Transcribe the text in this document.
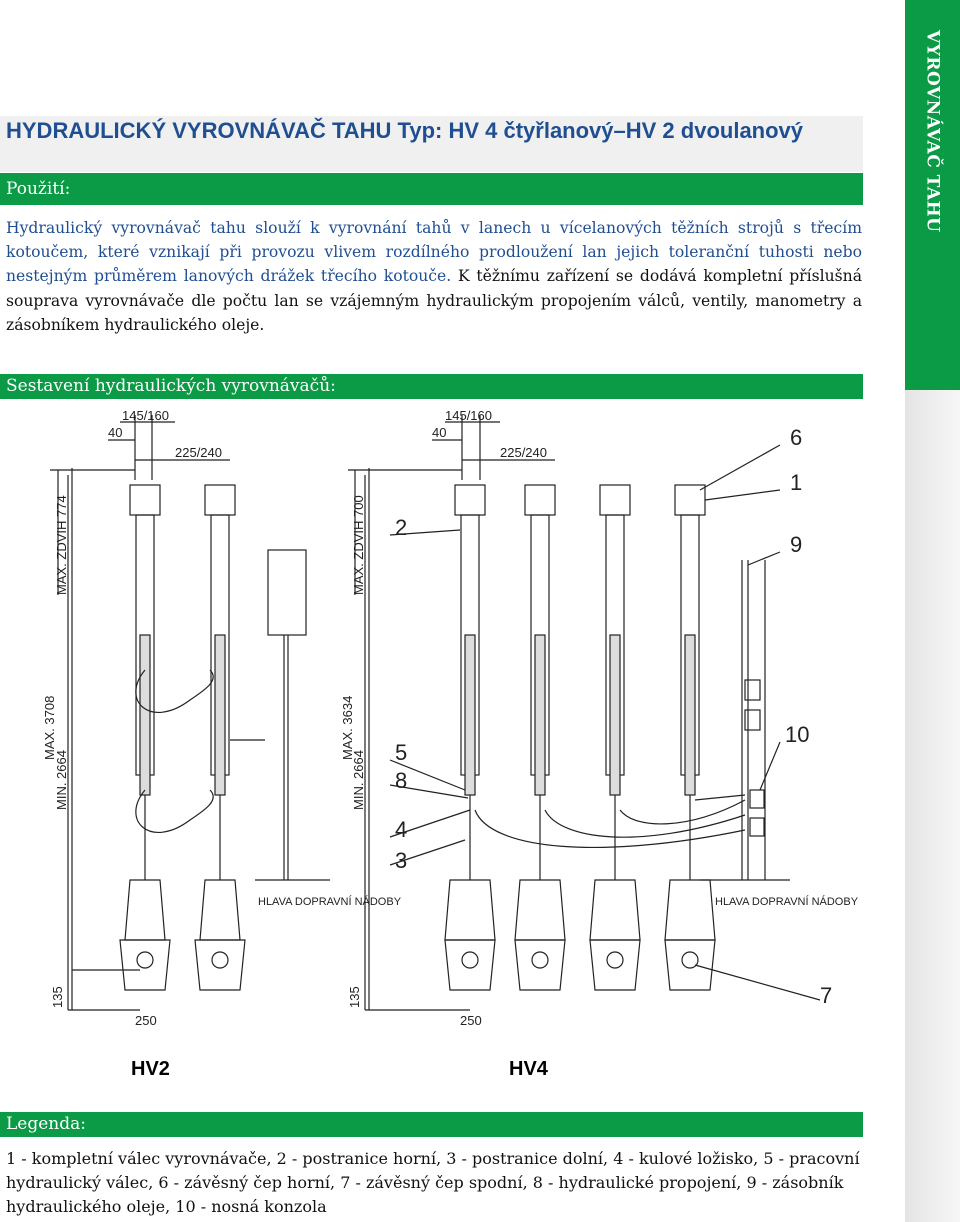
VYROVNÁVAČ TAHU
HYDRAULICKÝ VYROVNÁVAČ TAHU Typ: HV 4 čtyřlanový–HV 2 dvoulanový
Použití:
Hydraulický vyrovnávač tahu slouží k vyrovnání tahů v lanech u vícelanových těžních strojů s třecím kotoučem, které vznikají při provozu vlivem rozdílného prodloužení lan jejich toleranční tuhosti nebo nestejným průměrem lanových drážek třecího kotouče. K těžnímu zařízení se dodává kompletní příslušná souprava vyrovnávače dle počtu lan se vzájemným hydraulickým propojením válců, ventily, manometry a zásobníkem hydraulického oleje.
Sestavení hydraulických vyrovnávačů:
145/160
40
225/240
145/160
40
225/240
MAX. ZDVIH 774
MAX. 3708
MIN. 2664
135
250
MAX. ZDVIH 700
MAX. 3634
MIN. 2664
135
250
HLAVA DOPRAVNÍ NÁDOBY	HLAVA DOPRAVNÍ NÁDOBY
6
1
9
2
5
8
4
3
10
7
HV2	HV4
Legenda:
1 - kompletní válec vyrovnávače, 2 - postranice horní, 3 - postranice dolní, 4 - kulové ložisko, 5 - pracovní hydraulický válec, 6 - závěsný čep horní, 7 - závěsný čep spodní, 8 - hydraulické propojení, 9 - zásobník hydraulického oleje, 10 - nosná konzola
